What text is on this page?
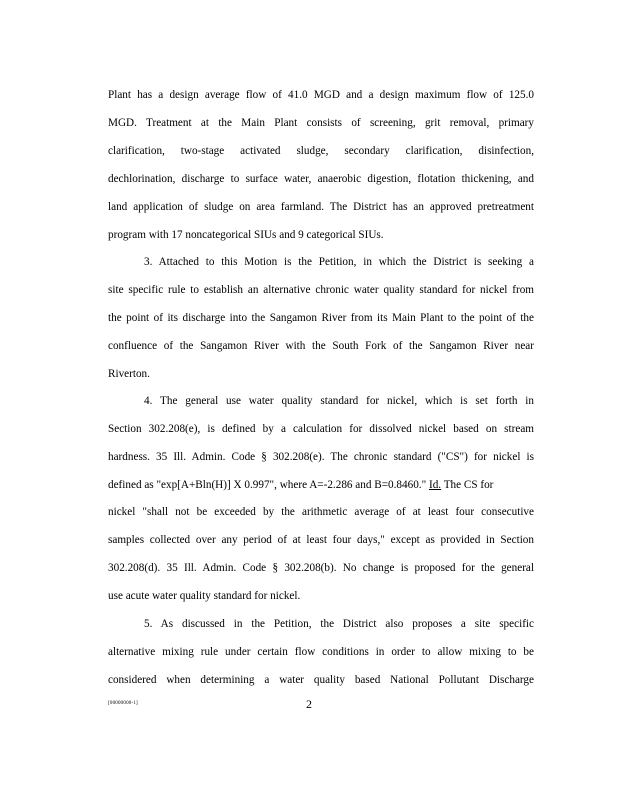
Plant has a design average flow of 41.0 MGD and a design maximum flow of 125.0
MGD. Treatment at the Main Plant consists of screening, grit removal, primary
clarification, two-stage activated sludge, secondary clarification, disinfection,
dechlorination, discharge to surface water, anaerobic digestion, flotation thickening, and
land application of sludge on area farmland. The District has an approved pretreatment
program with 17 noncategorical SIUs and 9 categorical SIUs.
3. Attached to this Motion is the Petition, in which the District is seeking a
site specific rule to establish an alternative chronic water quality standard for nickel from
the point of its discharge into the Sangamon River from its Main Plant to the point of the
confluence of the Sangamon River with the South Fork of the Sangamon River near
Riverton.
4. The general use water quality standard for nickel, which is set forth in
Section 302.208(e), is defined by a calculation for dissolved nickel based on stream
hardness. 35 Ill. Admin. Code § 302.208(e). The chronic standard ("CS") for nickel is
defined as "exp[A+Bln(H)] X 0.997", where A=-2.286 and B=0.8460." Id. The CS for
nickel "shall not be exceeded by the arithmetic average of at least four consecutive
samples collected over any period of at least four days," except as provided in Section
302.208(d). 35 Ill. Admin. Code § 302.208(b). No change is proposed for the general
use acute water quality standard for nickel.
5. As discussed in the Petition, the District also proposes a site specific
alternative mixing rule under certain flow conditions in order to allow mixing to be
considered when determining a water quality based National Pollutant Discharge
[00000000-1]	2
